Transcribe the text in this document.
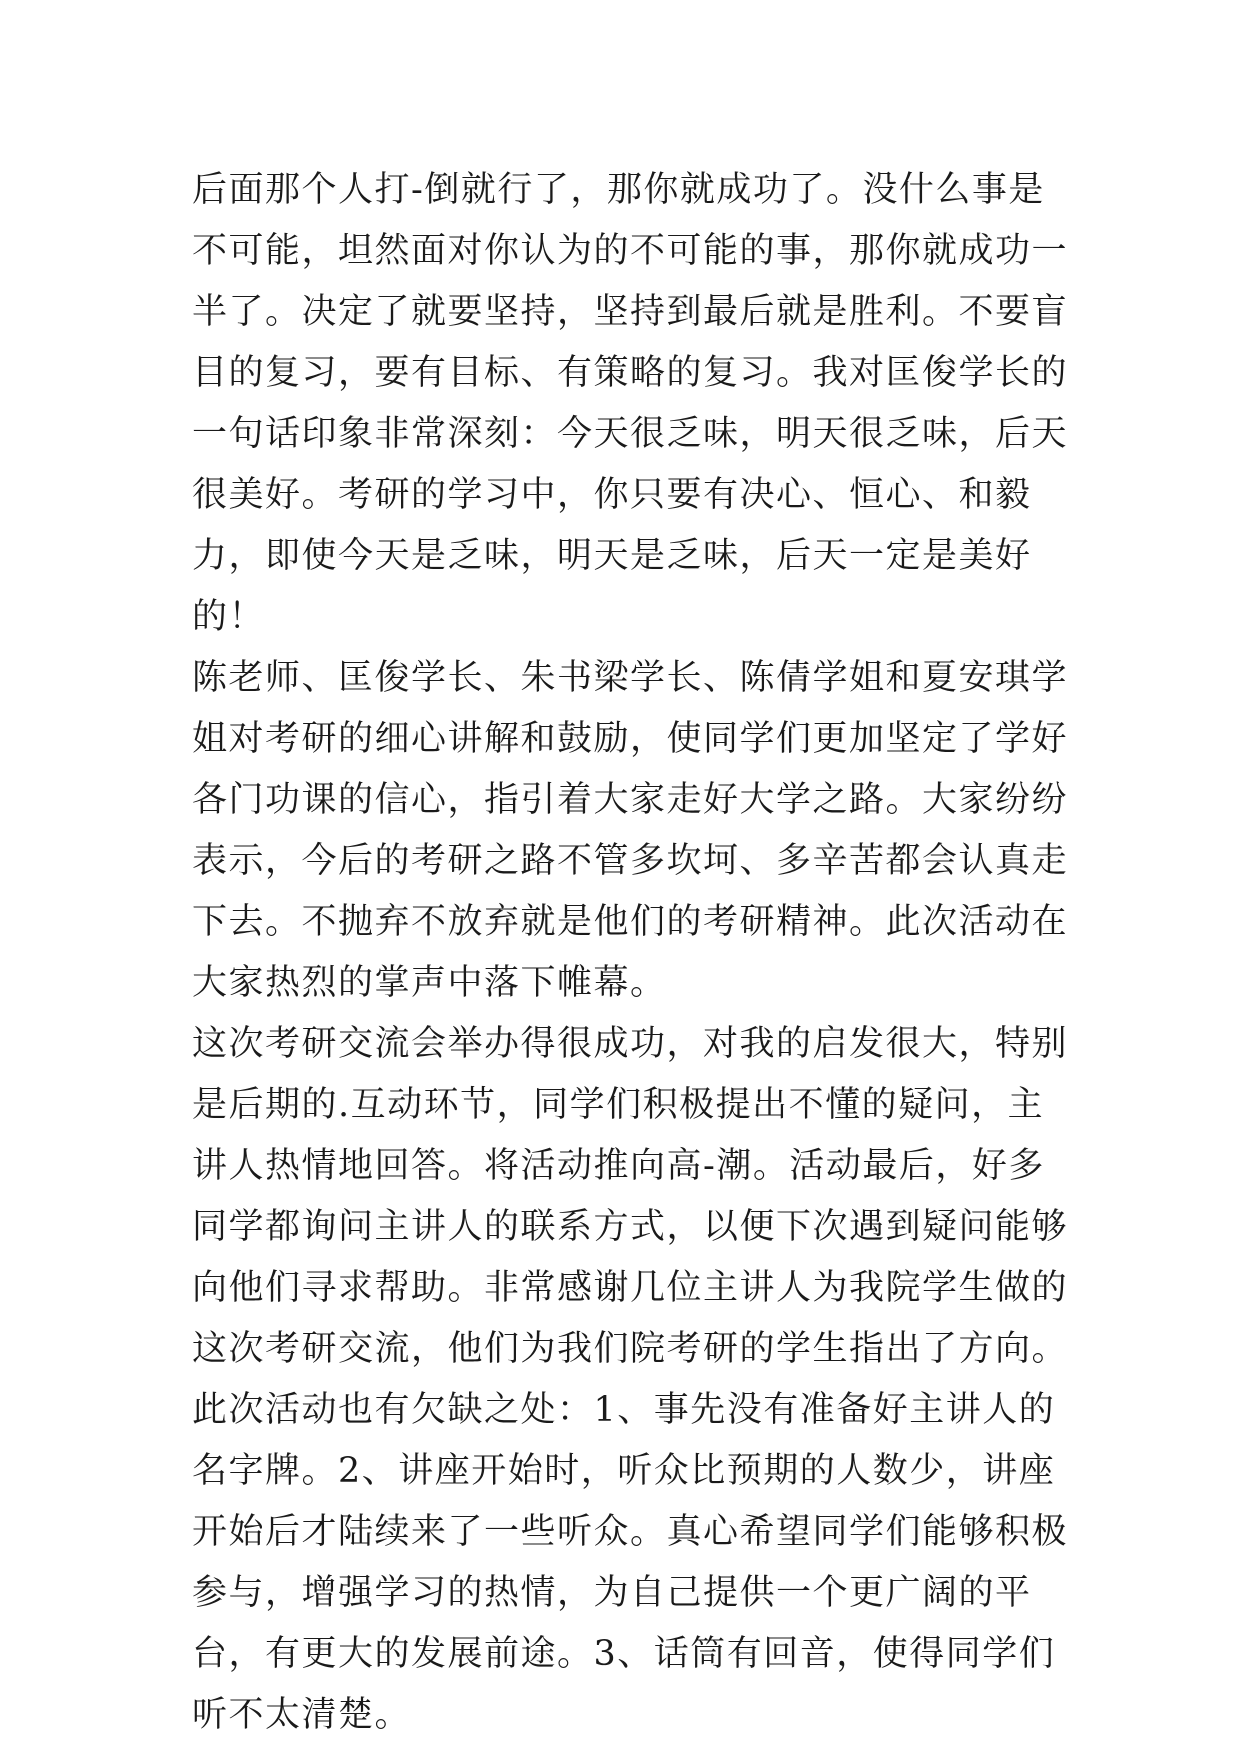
后面那个人打-倒就行了，那你就成功了。没什么事是不可能，坦然面对你认为的不可能的事，那你就成功一半了。决定了就要坚持，坚持到最后就是胜利。不要盲目的复习，要有目标、有策略的复习。我对匡俊学长的一句话印象非常深刻：今天很乏味，明天很乏味，后天很美好。考研的学习中，你只要有决心、恒心、和毅力，即使今天是乏味，明天是乏味，后天一定是美好的！

陈老师、匡俊学长、朱书梁学长、陈倩学姐和夏安琪学姐对考研的细心讲解和鼓励，使同学们更加坚定了学好各门功课的信心，指引着大家走好大学之路。大家纷纷表示，今后的考研之路不管多坎坷、多辛苦都会认真走下去。不抛弃不放弃就是他们的考研精神。此次活动在大家热烈的掌声中落下帷幕。

这次考研交流会举办得很成功，对我的启发很大，特别是后期的.互动环节，同学们积极提出不懂的疑问，主讲人热情地回答。将活动推向高-潮。活动最后，好多同学都询问主讲人的联系方式，以便下次遇到疑问能够向他们寻求帮助。非常感谢几位主讲人为我院学生做的这次考研交流，他们为我们院考研的学生指出了方向。此次活动也有欠缺之处：1、事先没有准备好主讲人的名字牌。2、讲座开始时，听众比预期的人数少，讲座开始后才陆续来了一些听众。真心希望同学们能够积极参与，增强学习的热情，为自己提供一个更广阔的平台，有更大的发展前途。3、话筒有回音，使得同学们听不太清楚。
